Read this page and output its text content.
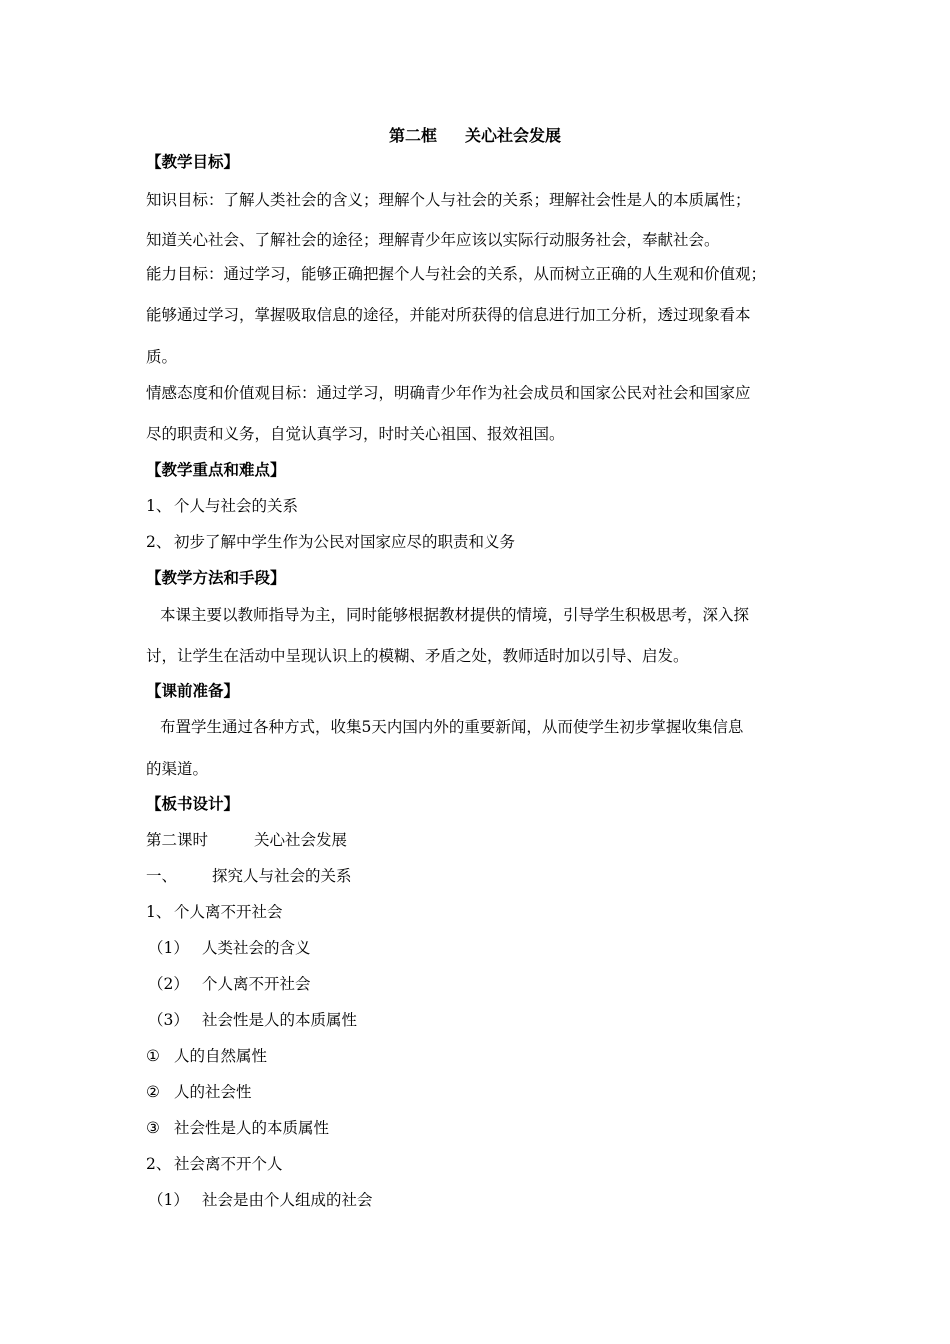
第二框 关心社会发展
【教学目标】
知识目标：了解人类社会的含义；理解个人与社会的关系；理解社会性是人的本质属性；
知道关心社会、了解社会的途径；理解青少年应该以实际行动服务社会，奉献社会。
能力目标：通过学习，能够正确把握个人与社会的关系，从而树立正确的人生观和价值观；
能够通过学习，掌握吸取信息的途径，并能对所获得的信息进行加工分析，透过现象看本
质。
情感态度和价值观目标：通过学习，明确青少年作为社会成员和国家公民对社会和国家应
尽的职责和义务，自觉认真学习，时时关心祖国、报效祖国。
【教学重点和难点】
1、 个人与社会的关系
2、 初步了解中学生作为公民对国家应尽的职责和义务
【教学方法和手段】
本课主要以教师指导为主，同时能够根据教材提供的情境，引导学生积极思考，深入探
讨，让学生在活动中呈现认识上的模糊、矛盾之处，教师适时加以引导、启发。
【课前准备】
布置学生通过各种方式，收集5天内国内外的重要新闻，从而使学生初步掌握收集信息
的渠道。
【板书设计】
第二课时	关心社会发展
一、 探究人与社会的关系
1、 个人离不开社会
（1） 人类社会的含义
（2） 个人离不开社会
（3） 社会性是人的本质属性
① 人的自然属性
② 人的社会性
③ 社会性是人的本质属性
2、 社会离不开个人
（1） 社会是由个人组成的社会
